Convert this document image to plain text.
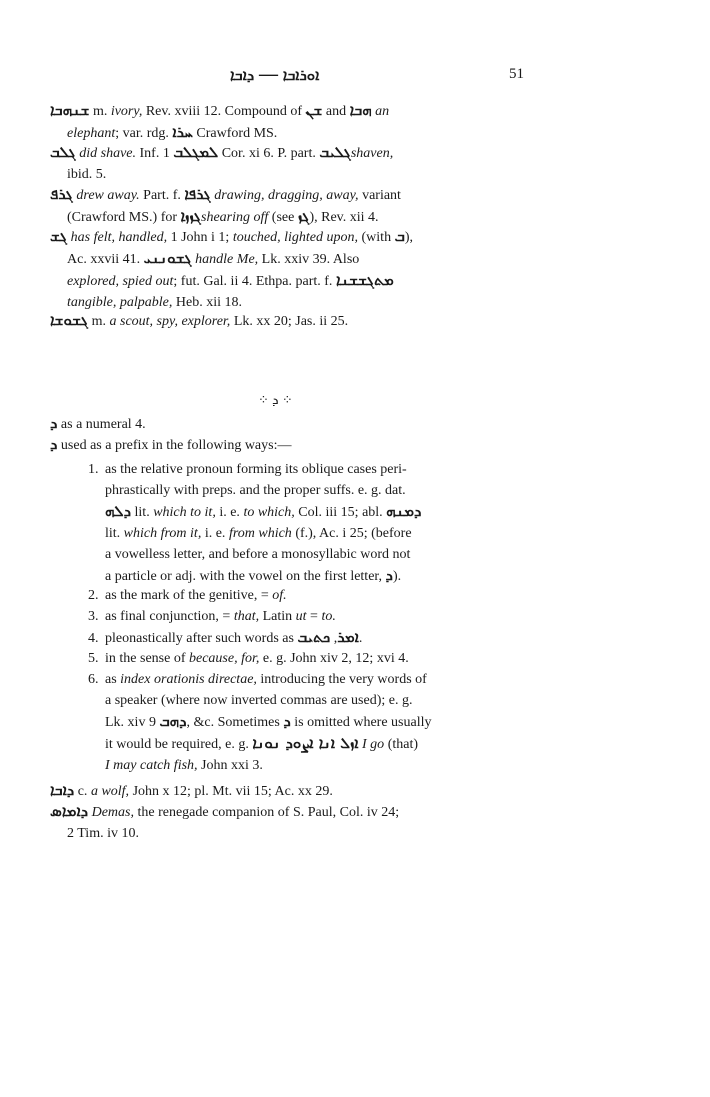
ܐܘܪܐܒܐ — ܕܐܒܐ	51
ܫܢܗܒܐ m. ivory, Rev. xviii 12. Compound of ܫܢ and ܗܒܐ an
elephant; var. rdg. ܚܪܐ Crawford MS.
ܓܠܒ did shave. Inf. ܠܡܓܠܒ 1 Cor. xi 6. P. part. ܓܠܝܒshaven,
ibid. 5.
ܓܪܦ drew away. Part. f. ܓܪܦܐ drawing, dragging, away, variant
(Crawford MS.) for ܓܙܙܐshearing off (see ܓܙ), Rev. xii 4.
ܓܫ has felt, handled, 1 John i 1; touched, lighted upon, (with ܒ),
Ac. xxvii 41. ܓܫܘܢܢܝ handle Me, Lk. xxiv 39. Also
explored, spied out; fut. Gal. ii 4. Ethpa. part. f. ܡܬܓܫܫܢܐ
tangible, palpable, Heb. xii 18.
ܓܫܘܫܐ m. a scout, spy, explorer, Lk. xx 20; Jas. ii 25.
⁘ ܕ ⁘
ܕ as a numeral 4.
ܕ used as a prefix in the following ways:—
1. as the relative pronoun forming its oblique cases peri-
phrastically with preps. and the proper suffs. e. g. dat.
ܕܠܗ lit. which to it, i. e. to which, Col. iii 15; abl. ܕܡܢܗ
lit. which from it, i. e. from which (f.), Ac. i 25; (before
a vowelless letter, and before a monosyllabic word not
a particle or adj. with the vowel on the first letter, ܕ).
2. as the mark of the genitive, = of.
3. as final conjunction, = that, Latin ut = to.
4. pleonastically after such words as	ܐܡܪ, ܟܬܝܒ .
5. in the sense of because, for, e. g. John xiv 2, 12; xvi 4.
6. as index orationis directae, introducing the very words of
a speaker (where now inverted commas are used); e. g.
Lk. xiv 9 ܕܗܒ, &c. Sometimes ܕ is omitted where usually
it would be required, e. g. ܐܙܠ ܐܢܐ ܐܨܘܕ ܢܘܢܐ I go (that)
I may catch fish, John xxi 3.
ܕܐܒܐ c. a wolf, John x 12; pl. Mt. vii 15; Ac. xx 29.
ܕܐܡܐܣ Demas, the renegade companion of S. Paul, Col. iv 24;
2 Tim. iv 10.
